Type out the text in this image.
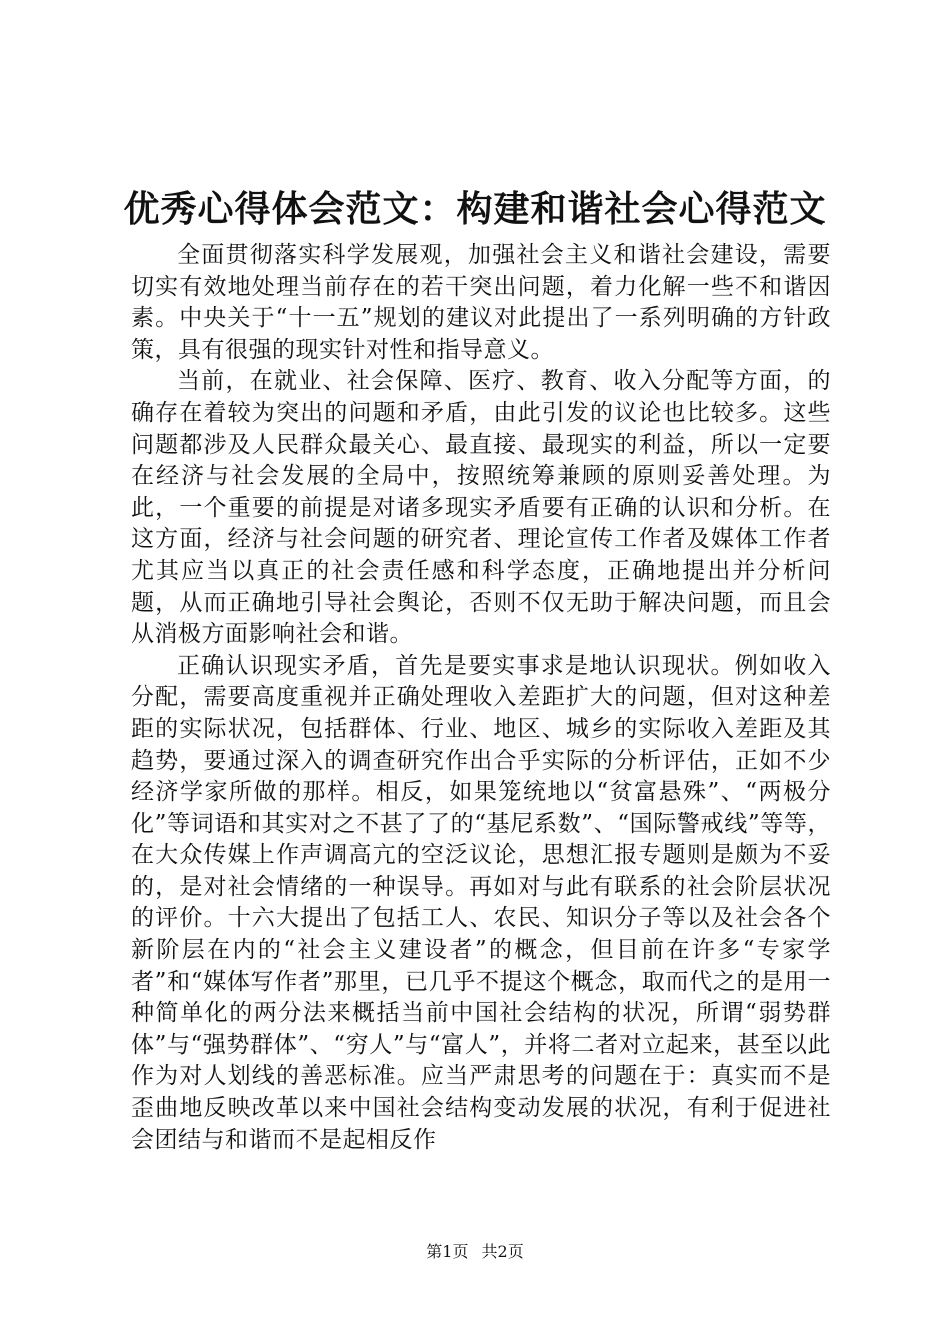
优秀心得体会范文：构建和谐社会心得范文

全面贯彻落实科学发展观，加强社会主义和谐社会建设，需要切实有效地处理当前存在的若干突出问题，着力化解一些不和谐因素。中央关于“十一五”规划的建议对此提出了一系列明确的方针政策，具有很强的现实针对性和指导意义。

当前，在就业、社会保障、医疗、教育、收入分配等方面，的确存在着较为突出的问题和矛盾，由此引发的议论也比较多。这些问题都涉及人民群众最关心、最直接、最现实的利益，所以一定要在经济与社会发展的全局中，按照统筹兼顾的原则妥善处理。为此，一个重要的前提是对诸多现实矛盾要有正确的认识和分析。在这方面，经济与社会问题的研究者、理论宣传工作者及媒体工作者尤其应当以真正的社会责任感和科学态度，正确地提出并分析问题，从而正确地引导社会舆论，否则不仅无助于解决问题，而且会从消极方面影响社会和谐。

正确认识现实矛盾，首先是要实事求是地认识现状。例如收入分配，需要高度重视并正确处理收入差距扩大的问题，但对这种差距的实际状况，包括群体、行业、地区、城乡的实际收入差距及其趋势，要通过深入的调查研究作出合乎实际的分析评估，正如不少经济学家所做的那样。相反，如果笼统地以“贫富悬殊”、“两极分化”等词语和其实对之不甚了了的“基尼系数”、“国际警戒线”等等，在大众传媒上作声调高亢的空泛议论，思想汇报专题则是颇为不妥的，是对社会情绪的一种误导。再如对与此有联系的社会阶层状况的评价。十六大提出了包括工人、农民、知识分子等以及社会各个新阶层在内的“社会主义建设者”的概念，但目前在许多“专家学者”和“媒体写作者”那里，已几乎不提这个概念，取而代之的是用一种简单化的两分法来概括当前中国社会结构的状况，所谓“弱势群体”与“强势群体”、“穷人”与“富人”，并将二者对立起来，甚至以此作为对人划线的善恶标准。应当严肃思考的问题在于：真实而不是歪曲地反映改革以来中国社会结构变动发展的状况，有利于促进社会团结与和谐而不是起相反作

第1页 共2页
